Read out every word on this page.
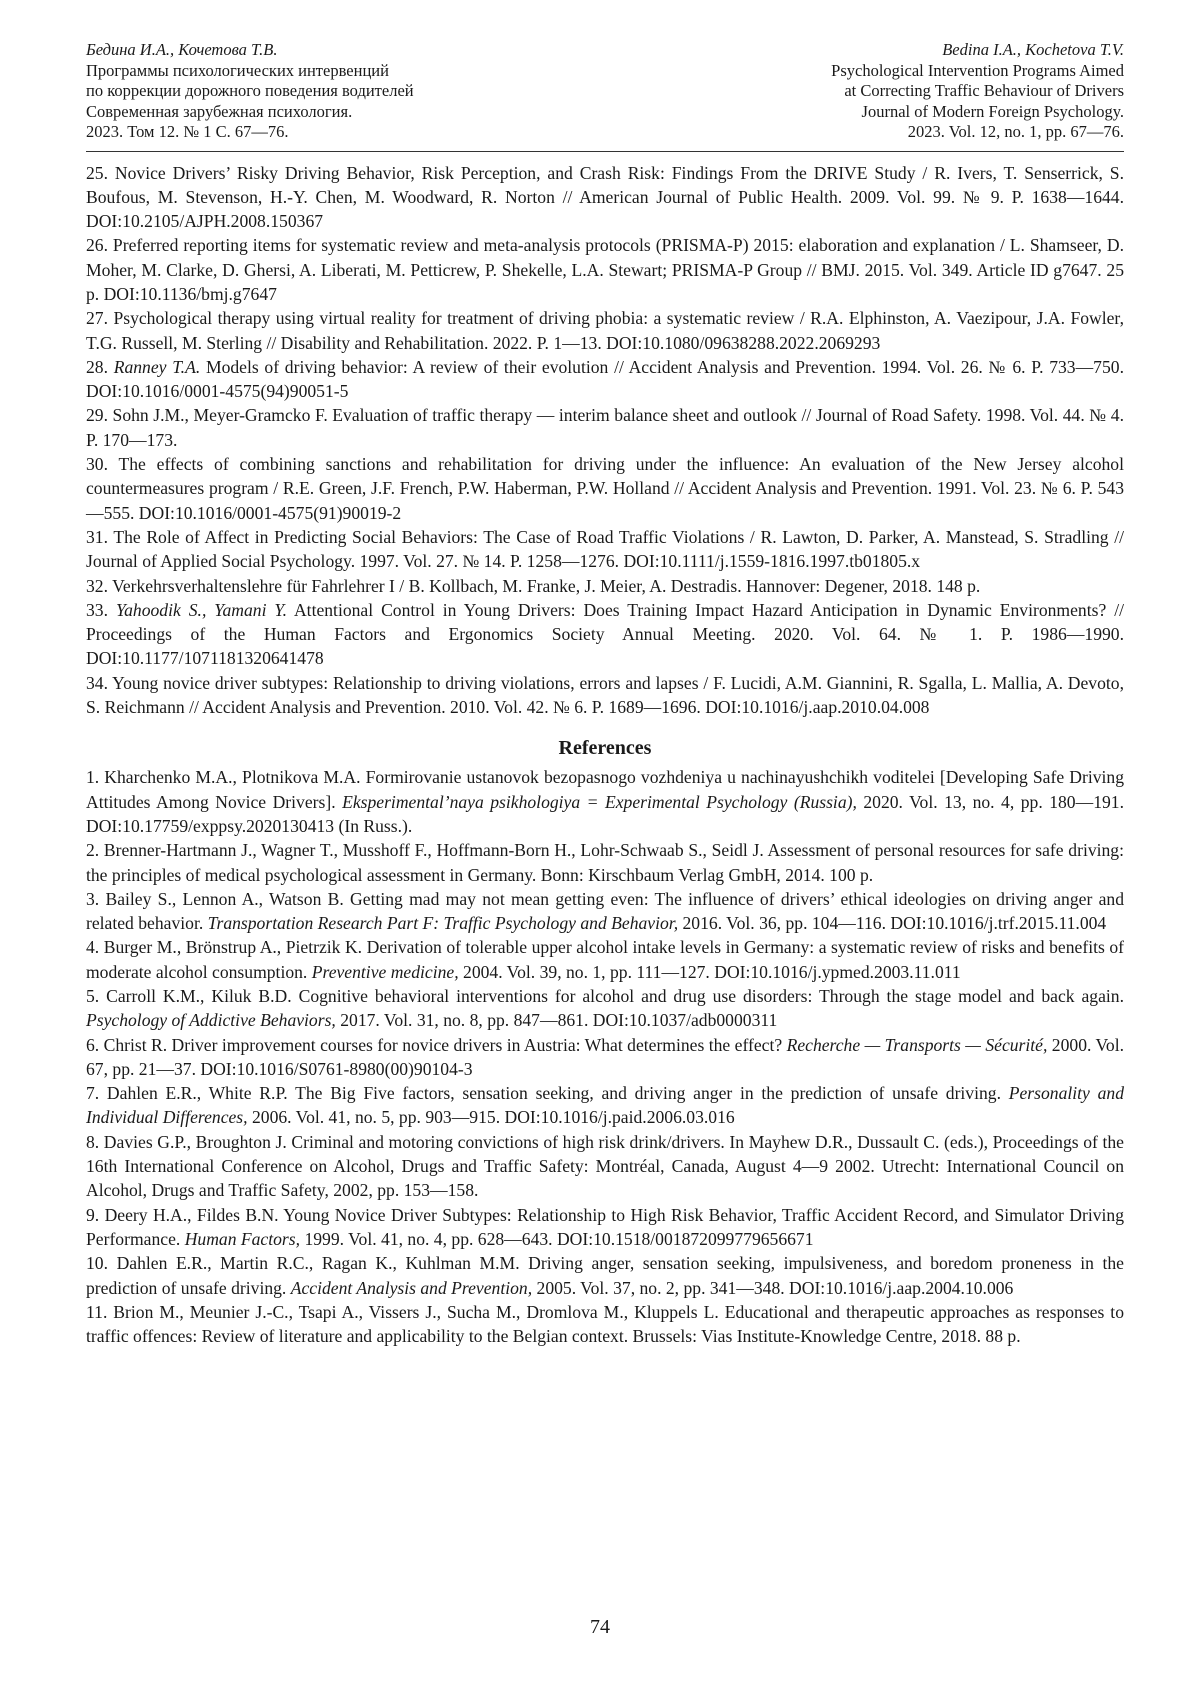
Бедина И.А., Кочетова Т.В.
Программы психологических интервенций
по коррекции дорожного поведения водителей
Современная зарубежная психология.
2023. Том 12. № 1 С. 67—76.
Bedina I.A., Kochetova T.V.
Psychological Intervention Programs Aimed
at Correcting Traffic Behaviour of Drivers
Journal of Modern Foreign Psychology.
2023. Vol. 12, no. 1, pp. 67—76.

25. Novice Drivers’ Risky Driving Behavior, Risk Perception, and Crash Risk: Findings From the DRIVE Study / R. Ivers, T. Senserrick, S. Boufous, M. Stevenson, H.-Y. Chen, M. Woodward, R. Norton // American Journal of Public Health. 2009. Vol. 99. № 9. P. 1638—1644. DOI:10.2105/AJPH.2008.150367

26. Preferred reporting items for systematic review and meta-analysis protocols (PRISMA-P) 2015: elaboration and explanation / L. Shamseer, D. Moher, M. Clarke, D. Ghersi, A. Liberati, M. Petticrew, P. Shekelle, L.A. Stewart; PRISMA-P Group // BMJ. 2015. Vol. 349. Article ID g7647. 25 p. DOI:10.1136/bmj.g7647

27. Psychological therapy using virtual reality for treatment of driving phobia: a systematic review / R.A. Elphinston, A. Vaezipour, J.A. Fowler, T.G. Russell, M. Sterling // Disability and Rehabilitation. 2022. P. 1—13. DOI:10.1080/09638288.2022.2069293

28. Ranney T.A. Models of driving behavior: A review of their evolution // Accident Analysis and Prevention. 1994. Vol. 26. № 6. P. 733—750. DOI:10.1016/0001-4575(94)90051-5

29. Sohn J.M., Meyer-Gramcko F. Evaluation of traffic therapy — interim balance sheet and outlook // Journal of Road Safety. 1998. Vol. 44. № 4. P. 170—173.

30. The effects of combining sanctions and rehabilitation for driving under the influence: An evaluation of the New Jersey alcohol countermeasures program / R.E. Green, J.F. French, P.W. Haberman, P.W. Holland // Accident Analysis and Prevention. 1991. Vol. 23. № 6. P. 543—555. DOI:10.1016/0001-4575(91)90019-2

31. The Role of Affect in Predicting Social Behaviors: The Case of Road Traffic Violations / R. Lawton, D. Parker, A. Manstead, S. Stradling // Journal of Applied Social Psychology. 1997. Vol. 27. № 14. P. 1258—1276. DOI:10.1111/j.1559-1816.1997.tb01805.x

32. Verkehrsverhaltenslehre für Fahrlehrer I / B. Kollbach, M. Franke, J. Meier, A. Destradis. Hannover: Degener, 2018. 148 p.

33. Yahoodik S., Yamani Y. Attentional Control in Young Drivers: Does Training Impact Hazard Anticipation in Dynamic Environments? // Proceedings of the Human Factors and Ergonomics Society Annual Meeting. 2020. Vol. 64. № 1. P. 1986—1990. DOI:10.1177/1071181320641478

34. Young novice driver subtypes: Relationship to driving violations, errors and lapses / F. Lucidi, A.M. Giannini, R. Sgalla, L. Mallia, A. Devoto, S. Reichmann // Accident Analysis and Prevention. 2010. Vol. 42. № 6. P. 1689—1696. DOI:10.1016/j.aap.2010.04.008

References

1. Kharchenko M.A., Plotnikova M.A. Formirovanie ustanovok bezopasnogo vozhdeniya u nachinayushchikh voditelei [Developing Safe Driving Attitudes Among Novice Drivers]. Eksperimental’naya psikhologiya = Experimental Psychology (Russia), 2020. Vol. 13, no. 4, pp. 180—191. DOI:10.17759/exppsy.2020130413 (In Russ.).

2. Brenner-Hartmann J., Wagner T., Musshoff F., Hoffmann-Born H., Lohr-Schwaab S., Seidl J. Assessment of personal resources for safe driving: the principles of medical psychological assessment in Germany. Bonn: Kirschbaum Verlag GmbH, 2014. 100 p.

3. Bailey S., Lennon A., Watson B. Getting mad may not mean getting even: The influence of drivers’ ethical ideologies on driving anger and related behavior. Transportation Research Part F: Traffic Psychology and Behavior, 2016. Vol. 36, pp. 104—116. DOI:10.1016/j.trf.2015.11.004

4. Burger M., Brönstrup A., Pietrzik K. Derivation of tolerable upper alcohol intake levels in Germany: a systematic review of risks and benefits of moderate alcohol consumption. Preventive medicine, 2004. Vol. 39, no. 1, pp. 111—127. DOI:10.1016/j.ypmed.2003.11.011

5. Carroll K.M., Kiluk B.D. Cognitive behavioral interventions for alcohol and drug use disorders: Through the stage model and back again. Psychology of Addictive Behaviors, 2017. Vol. 31, no. 8, pp. 847—861. DOI:10.1037/adb0000311

6. Christ R. Driver improvement courses for novice drivers in Austria: What determines the effect? Recherche — Transports — Sécurité, 2000. Vol. 67, pp. 21—37. DOI:10.1016/S0761-8980(00)90104-3

7. Dahlen E.R., White R.P. The Big Five factors, sensation seeking, and driving anger in the prediction of unsafe driving. Personality and Individual Differences, 2006. Vol. 41, no. 5, pp. 903—915. DOI:10.1016/j.paid.2006.03.016

8. Davies G.P., Broughton J. Criminal and motoring convictions of high risk drink/drivers. In Mayhew D.R., Dussault C. (eds.), Proceedings of the 16th International Conference on Alcohol, Drugs and Traffic Safety: Montréal, Canada, August 4—9 2002. Utrecht: International Council on Alcohol, Drugs and Traffic Safety, 2002, pp. 153—158.

9. Deery H.A., Fildes B.N. Young Novice Driver Subtypes: Relationship to High Risk Behavior, Traffic Accident Record, and Simulator Driving Performance. Human Factors, 1999. Vol. 41, no. 4, pp. 628—643. DOI:10.1518/001872099779656671

10. Dahlen E.R., Martin R.C., Ragan K., Kuhlman M.M. Driving anger, sensation seeking, impulsiveness, and boredom proneness in the prediction of unsafe driving. Accident Analysis and Prevention, 2005. Vol. 37, no. 2, pp. 341—348. DOI:10.1016/j.aap.2004.10.006

11. Brion M., Meunier J.-C., Tsapi A., Vissers J., Sucha M., Dromlova M., Kluppels L. Educational and therapeutic approaches as responses to traffic offences: Review of literature and applicability to the Belgian context. Brussels: Vias Institute-Knowledge Centre, 2018. 88 p.

74
